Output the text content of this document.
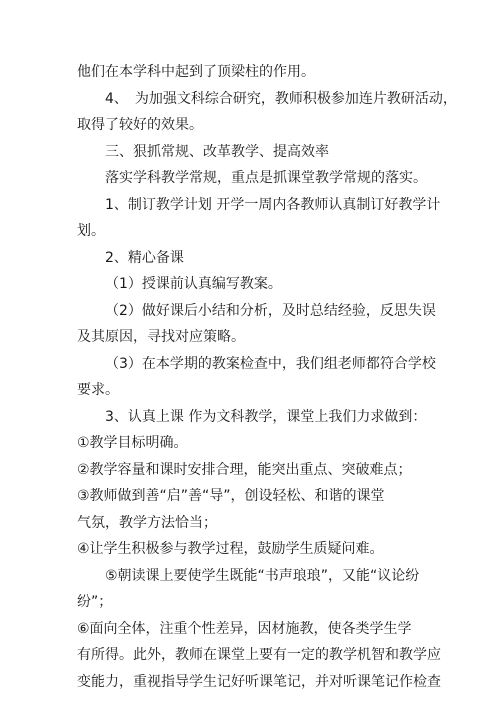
他们在本学科中起到了顶梁柱的作用。
4、　为加强文科综合研究，教师积极参加连片教研活动，
取得了较好的效果。
三、狠抓常规、改革教学、提高效率
落实学科教学常规，重点是抓课堂教学常规的落实。
1、制订教学计划 开学一周内各教师认真制订好教学计
划。
2、精心备课
（1）授课前认真编写教案。
（2）做好课后小结和分析，及时总结经验，反思失误
及其原因，寻找对应策略。
（3）在本学期的教案检查中，我们组老师都符合学校
要求。
3、认真上课 作为文科教学，课堂上我们力求做到：
①教学目标明确。
②教学容量和课时安排合理，能突出重点、突破难点；
③教师做到善“启”善“导”，创设轻松、和谐的课堂
气氛，教学方法恰当；
④让学生积极参与教学过程，鼓励学生质疑问难。
⑤朝读课上要使学生既能“书声琅琅”，又能“议论纷
纷”；
⑥面向全体，注重个性差异，因材施教，使各类学生学
有所得。此外，教师在课堂上要有一定的教学机智和教学应
变能力，重视指导学生记好听课笔记，并对听课笔记作检查
